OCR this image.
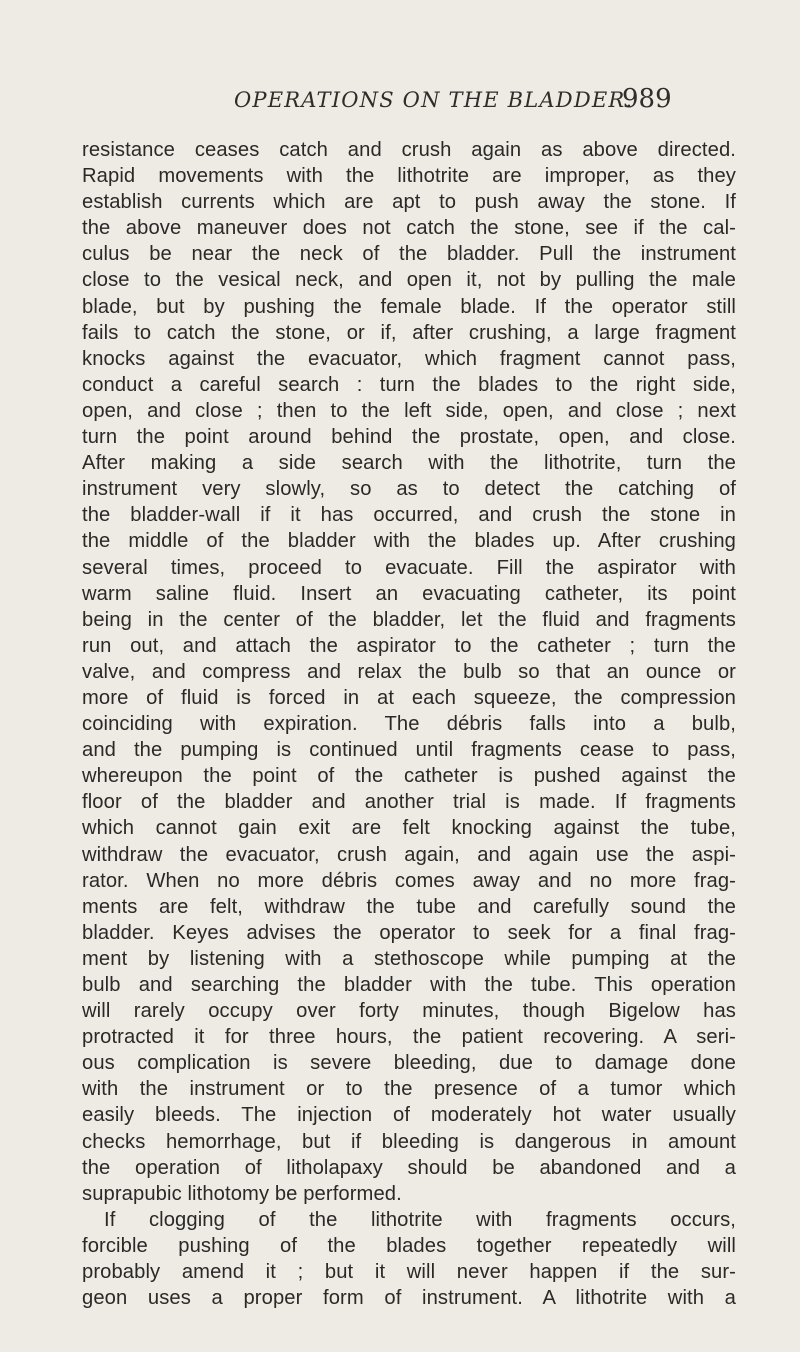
OPERATIONS ON THE BLADDER.
989
resistance ceases catch and crush again as above directed.
Rapid movements with the lithotrite are improper, as they
establish currents which are apt to push away the stone. If
the above maneuver does not catch the stone, see if the cal-
culus be near the neck of the bladder. Pull the instrument
close to the vesical neck, and open it, not by pulling the male
blade, but by pushing the female blade. If the operator still
fails to catch the stone, or if, after crushing, a large fragment
knocks against the evacuator, which fragment cannot pass,
conduct a careful search : turn the blades to the right side,
open, and close ; then to the left side, open, and close ; next
turn the point around behind the prostate, open, and close.
After making a side search with the lithotrite, turn the
instrument very slowly, so as to detect the catching of
the bladder-wall if it has occurred, and crush the stone in
the middle of the bladder with the blades up. After crushing
several times, proceed to evacuate. Fill the aspirator with
warm saline fluid. Insert an evacuating catheter, its point
being in the center of the bladder, let the fluid and fragments
run out, and attach the aspirator to the catheter ; turn the
valve, and compress and relax the bulb so that an ounce or
more of fluid is forced in at each squeeze, the compression
coinciding with expiration. The débris falls into a bulb,
and the pumping is continued until fragments cease to pass,
whereupon the point of the catheter is pushed against the
floor of the bladder and another trial is made. If fragments
which cannot gain exit are felt knocking against the tube,
withdraw the evacuator, crush again, and again use the aspi-
rator. When no more débris comes away and no more frag-
ments are felt, withdraw the tube and carefully sound the
bladder. Keyes advises the operator to seek for a final frag-
ment by listening with a stethoscope while pumping at the
bulb and searching the bladder with the tube. This operation
will rarely occupy over forty minutes, though Bigelow has
protracted it for three hours, the patient recovering. A seri-
ous complication is severe bleeding, due to damage done
with the instrument or to the presence of a tumor which
easily bleeds. The injection of moderately hot water usually
checks hemorrhage, but if bleeding is dangerous in amount
the operation of litholapaxy should be abandoned and a
suprapubic lithotomy be performed.
If clogging of the lithotrite with fragments occurs,
forcible pushing of the blades together repeatedly will
probably amend it ; but it will never happen if the sur-
geon uses a proper form of instrument. A lithotrite with a
